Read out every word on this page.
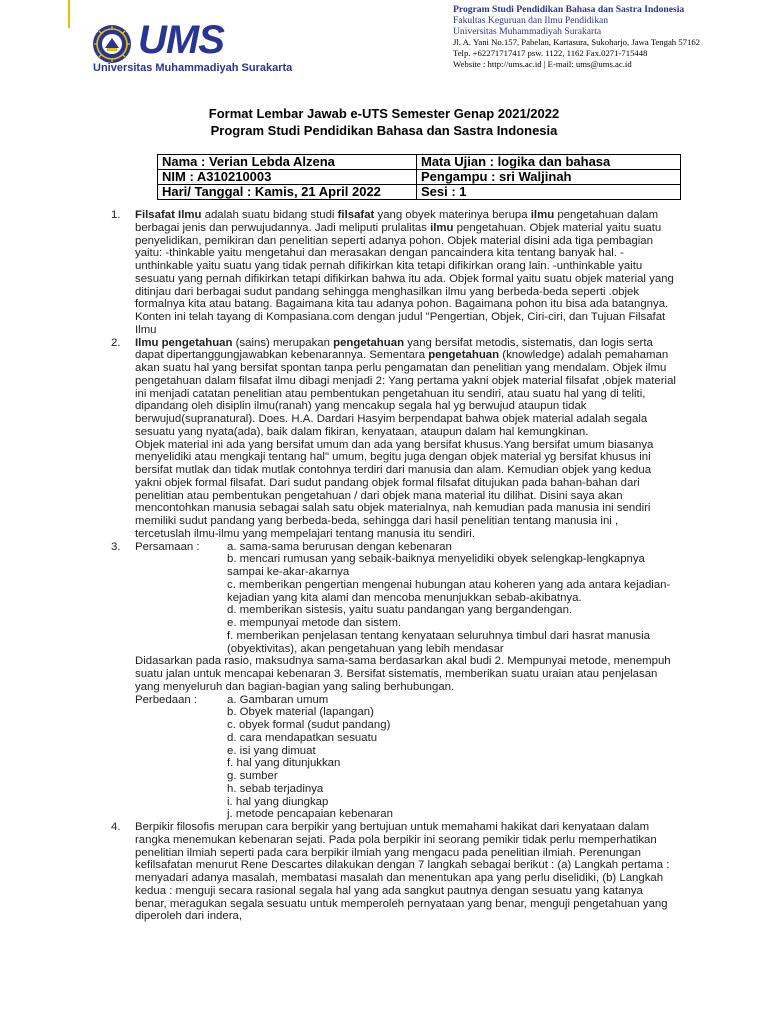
UMS
Universitas Muhammadiyah Surakarta
Program Studi Pendidikan Bahasa dan Sastra Indonesia
Fakultas Keguruan dan Ilmu Pendidikan
Universitas Muhammadiyah Surakarta
Jl. A. Yani No.157, Pabelan, Kartasura, Sukoharjo, Jawa Tengah 57162
Telp. +62271717417 psw. 1122, 1162 Fax.0271-715448
Website : http://ums.ac.id | E-mail: ums@ums.ac.id
Format Lembar Jawab e-UTS Semester Genap 2021/2022
Program Studi Pendidikan Bahasa dan Sastra Indonesia
Nama : Verian Lebda Alzena	Mata Ujian : logika dan bahasa
NIM : A310210003	Pengampu : sri Waljinah
Hari/ Tanggal : Kamis, 21 April 2022	Sesi : 1
1. Filsafat Ilmu adalah suatu bidang studi filsafat yang obyek materinya berupa ilmu pengetahuan dalam berbagai jenis dan perwujudannya. Jadi meliputi prulalitas ilmu pengetahuan. Objek material yaitu suatu penyelidikan, pemikiran dan penelitian seperti adanya pohon. Objek material disini ada tiga pembagian yaitu: -thinkable yaitu mengetahui dan merasakan dengan pancaindera kita tentang banyak hal. -unthinkable yaitu suatu yang tidak pernah difikirkan kita tetapi difikirkan orang lain. -unthinkable yaitu sesuatu yang pernah difikirkan tetapi difikirkan bahwa itu ada. Objek formal yaitu suatu objek material yang ditinjau dari berbagai sudut pandang sehingga menghasilkan ilmu yang berbeda-beda seperti .objek formalnya kita atau batang. Bagaimana kita tau adanya pohon. Bagaimana pohon itu bisa ada batangnya. Konten ini telah tayang di Kompasiana.com dengan judul "Pengertian, Objek, Ciri-ciri, dan Tujuan Filsafat Ilmu
2. Ilmu pengetahuan (sains) merupakan pengetahuan yang bersifat metodis, sistematis, dan logis serta dapat dipertanggungjawabkan kebenarannya. Sementara pengetahuan (knowledge) adalah pemahaman akan suatu hal yang bersifat spontan tanpa perlu pengamatan dan penelitian yang mendalam. Objek ilmu pengetahuan dalam filsafat ilmu dibagi menjadi 2: Yang pertama yakni objek material filsafat ,objek material ini menjadi catatan penelitian atau pembentukan pengetahuan itu sendiri, atau suatu hal yang di teliti, dipandang oleh disiplin ilmu(ranah) yang mencakup segala hal yg berwujud ataupun tidak berwujud(supranatural). Does. H.A. Dardari Hasyim berpendapat bahwa objek material adalah segala sesuatu yang nyata(ada), baik dalam fikiran, kenyataan, ataupun dalam hal kemungkinan.
Objek material ini ada yang bersifat umum dan ada yang bersifat khusus.Yang bersifat umum biasanya menyelidiki atau mengkaji tentang hal" umum, begitu juga dengan objek material yg bersifat khusus ini bersifat mutlak dan tidak mutlak contohnya terdiri dari manusia dan alam. Kemudian objek yang kedua yakni objek formal filsafat. Dari sudut pandang objek formal filsafat ditujukan pada bahan-bahan dari penelitian atau pembentukan pengetahuan / dari objek mana material itu dilihat. Disini saya akan mencontohkan manusia sebagai salah satu objek materialnya, nah kemudian pada manusia ini sendiri memiliki sudut pandang yang berbeda-beda, sehingga dari hasil penelitian tentang manusia ini , tercetuslah ilmu-ilmu yang mempelajari tentang manusia itu sendiri.
3. Persamaan : a. sama-sama berurusan dengan kebenaran
b. mencari rumusan yang sebaik-baiknya menyelidiki obyek selengkap-lengkapnya sampai ke-akar-akarnya
c. memberikan pengertian mengenai hubungan atau koheren yang ada antara kejadian-kejadian yang kita alami dan mencoba menunjukkan sebab-akibatnya.
d. memberikan sistesis, yaitu suatu pandangan yang bergandengan.
e. mempunyai metode dan sistem.
f. memberikan penjelasan tentang kenyataan seluruhnya timbul dari hasrat manusia (obyektivitas), akan pengetahuan yang lebih mendasar
Didasarkan pada rasio, maksudnya sama-sama berdasarkan akal budi 2. Mempunyai metode, menempuh suatu jalan untuk mencapai kebenaran 3. Bersifat sistematis, memberikan suatu uraian atau penjelasan yang menyeluruh dan bagian-bagian yang saling berhubungan.
Perbedaan :	a. Gambaran umum
b. Obyek material (lapangan)
c. obyek formal (sudut pandang)
d. cara mendapatkan sesuatu
e. isi yang dimuat
f. hal yang ditunjukkan
g. sumber
h. sebab terjadinya
i. hal yang diungkap
j. metode pencapaian kebenaran
4. Berpikir filosofis merupan cara berpikir yang bertujuan untuk memahami hakikat dari kenyataan dalam rangka menemukan kebenaran sejati. Pada pola berpikir ini seorang pemikir tidak perlu memperhatikan penelitian ilmiah seperti pada cara berpikir ilmiah yang mengacu pada penelitian ilmiah. Perenungan kefilsafatan menurut Rene Descartes dilakukan dengan 7 langkah sebagai berikut : (a) Langkah pertama : menyadari adanya masalah, membatasi masalah dan menentukan apa yang perlu diselidiki, (b) Langkah kedua : menguji secara rasional segala hal yang ada sangkut pautnya dengan sesuatu yang katanya benar, meragukan segala sesuatu untuk memperoleh pernyataan yang benar, menguji pengetahuan yang diperoleh dari indera,
